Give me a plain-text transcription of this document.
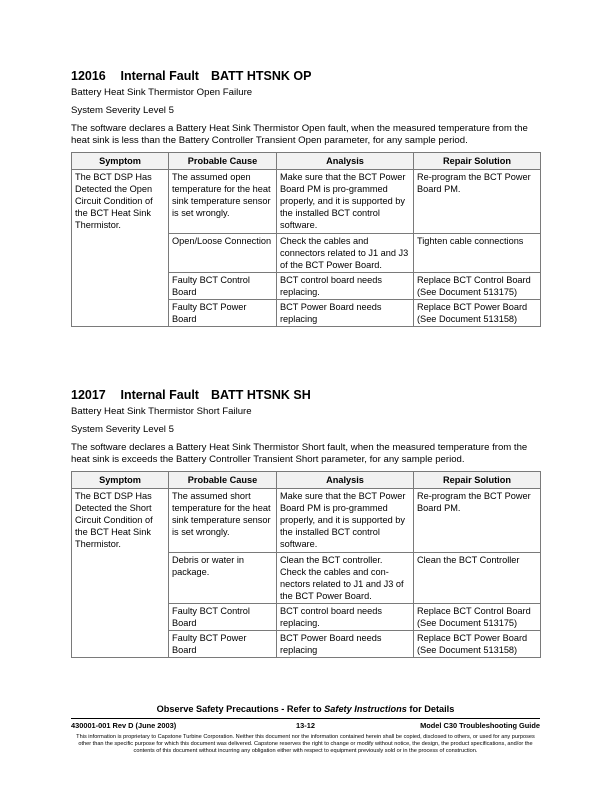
12016 Internal Fault BATT HTSNK OP

Battery Heat Sink Thermistor Open Failure

System Severity Level 5

The software declares a Battery Heat Sink Thermistor Open fault, when the measured temperature from the heat sink is less than the Battery Controller Transient Open parameter, for any sample period.

Symptom	Probable Cause	Analysis	Repair Solution
The BCT DSP Has Detected the Open Circuit Condition of the BCT Heat Sink Thermistor.	The assumed open temperature for the heat sink temperature sensor is set wrongly.	Make sure that the BCT Power Board PM is pro-grammed properly, and it is supported by the installed BCT control software.	Re-program the BCT Power Board PM.
	Open/Loose Connection	Check the cables and connectors related to J1 and J3 of the BCT Power Board.	Tighten cable connections
	Faulty BCT Control Board	BCT control board needs replacing.	Replace BCT Control Board (See Document 513175)
	Faulty BCT Power Board	BCT Power Board needs replacing	Replace BCT Power Board (See Document 513158)
12017 Internal Fault BATT HTSNK SH

Battery Heat Sink Thermistor Short Failure

System Severity Level 5

The software declares a Battery Heat Sink Thermistor Short fault, when the measured temperature from the heat sink is exceeds the Battery Controller Transient Short parameter, for any sample period.

Symptom	Probable Cause	Analysis	Repair Solution
The BCT DSP Has Detected the Short Circuit Condition of the BCT Heat Sink Thermistor.	The assumed short temperature for the heat sink temperature sensor is set wrongly.	Make sure that the BCT Power Board PM is pro-grammed properly, and it is supported by the installed BCT control software.	Re-program the BCT Power Board PM.
	Debris or water in package.	Clean the BCT controller. Check the cables and con-nectors related to J1 and J3 of the BCT Power Board.	Clean the BCT Controller
	Faulty BCT Control Board	BCT control board needs replacing.	Replace BCT Control Board (See Document 513175)
	Faulty BCT Power Board	BCT Power Board needs replacing	Replace BCT Power Board (See Document 513158)
Observe Safety Precautions - Refer to Safety Instructions for Details
430001-001 Rev D (June 2003)	13-12	Model C30 Troubleshooting Guide
This information is proprietary to Capstone Turbine Corporation. Neither this document nor the information contained herein shall be copied, disclosed to others, or used for any purposes other than the specific purpose for which this document was delivered. Capstone reserves the right to change or modify without notice, the design, the product specifications, and/or the contents of this document without incurring any obligation either with respect to equipment previously sold or in the process of construction.
